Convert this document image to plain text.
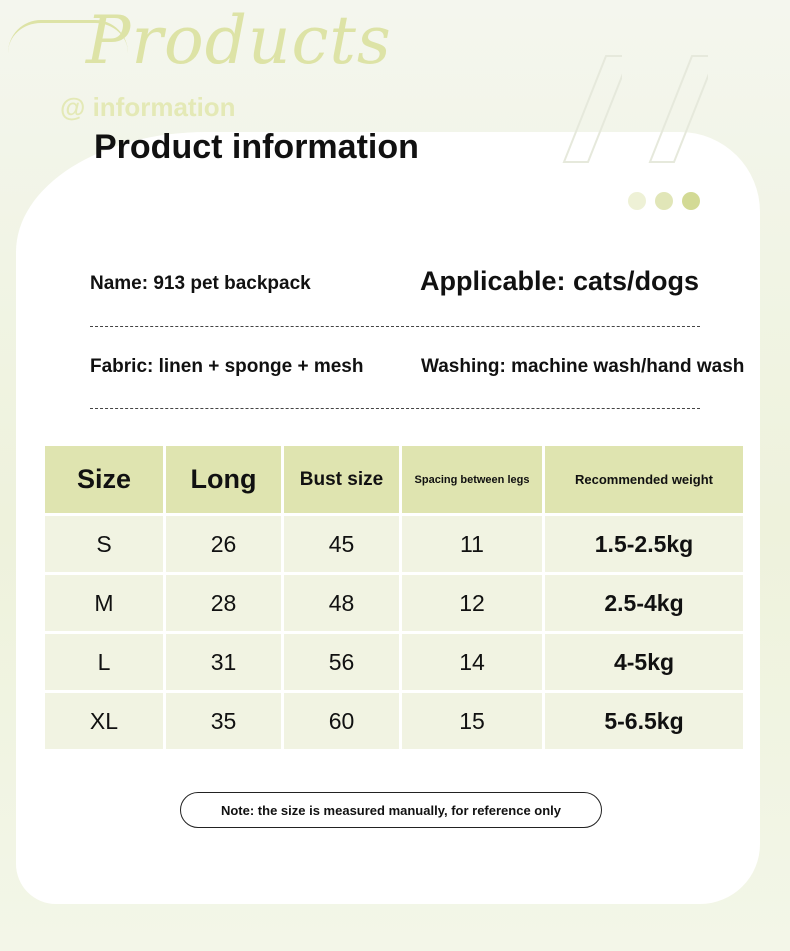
Products
@ information
Product information
Name: 913 pet backpack	Applicable: cats/dogs
Fabric: linen + sponge + mesh	Washing: machine wash/hand wash
Size	Long	Bust size	Spacing between legs	Recommended weight
S	26	45	11	1.5-2.5kg
M	28	48	12	2.5-4kg
L	31	56	14	4-5kg
XL	35	60	15	5-6.5kg
Note: the size is measured manually, for reference only
